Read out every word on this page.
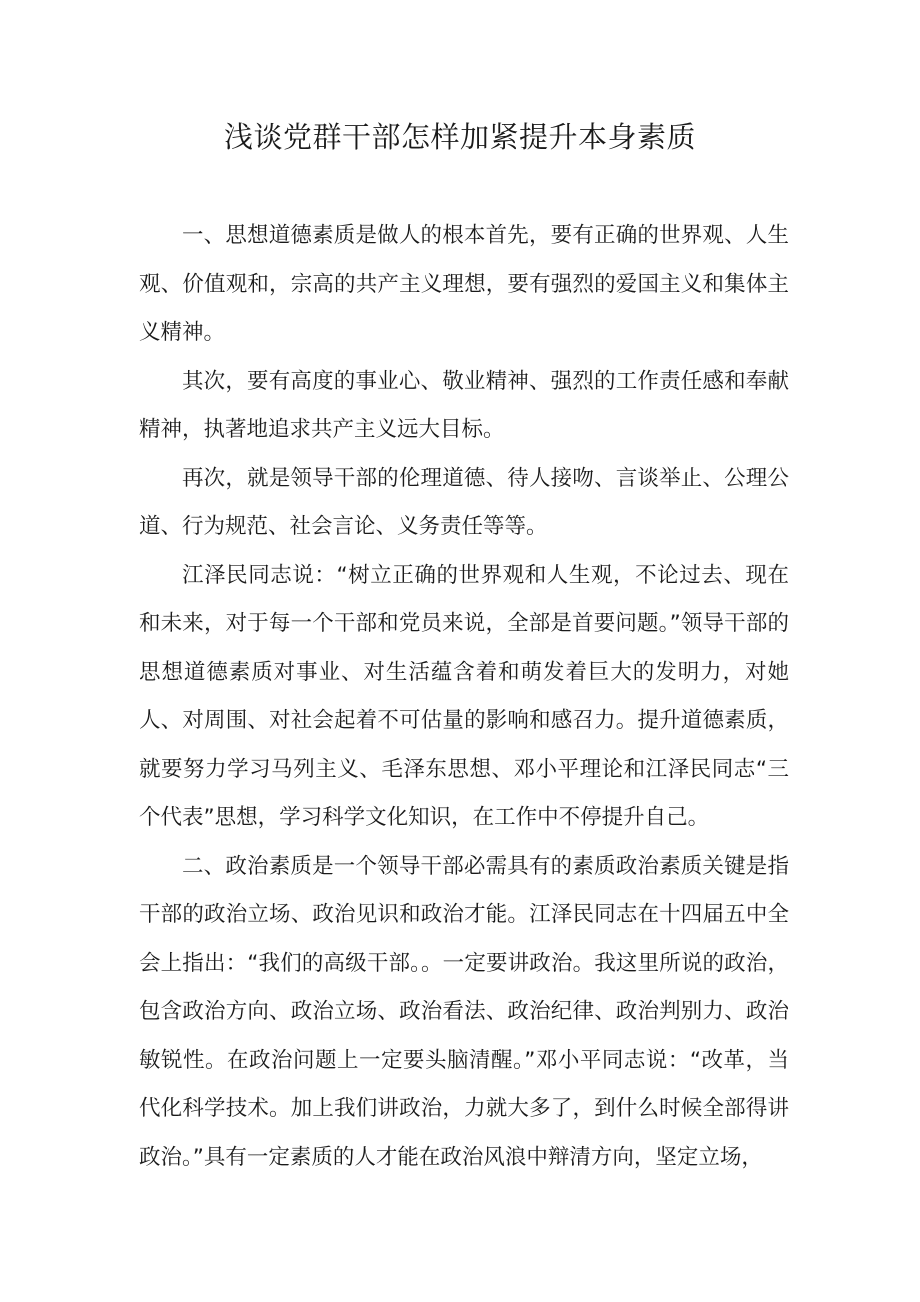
浅谈党群干部怎样加紧提升本身素质

一、思想道德素质是做人的根本首先，要有正确的世界观、人生观、价值观和，宗高的共产主义理想，要有强烈的爱国主义和集体主义精神。

其次，要有高度的事业心、敬业精神、强烈的工作责任感和奉献精神，执著地追求共产主义远大目标。

再次，就是领导干部的伦理道德、待人接吻、言谈举止、公理公道、行为规范、社会言论、义务责任等等。

江泽民同志说：“树立正确的世界观和人生观，不论过去、现在和未来，对于每一个干部和党员来说，全部是首要问题。”领导干部的思想道德素质对事业、对生活蕴含着和萌发着巨大的发明力，对她人、对周围、对社会起着不可估量的影响和感召力。提升道德素质，就要努力学习马列主义、毛泽东思想、邓小平理论和江泽民同志“三个代表”思想，学习科学文化知识，在工作中不停提升自己。

二、政治素质是一个领导干部必需具有的素质政治素质关键是指干部的政治立场、政治见识和政治才能。江泽民同志在十四届五中全会上指出：“我们的高级干部。。一定要讲政治。我这里所说的政治，包含政治方向、政治立场、政治看法、政治纪律、政治判别力、政治敏锐性。在政治问题上一定要头脑清醒。”邓小平同志说：“改革，当代化科学技术。加上我们讲政治，力就大多了，到什么时候全部得讲政治。”具有一定素质的人才能在政治风浪中辩清方向，坚定立场，
